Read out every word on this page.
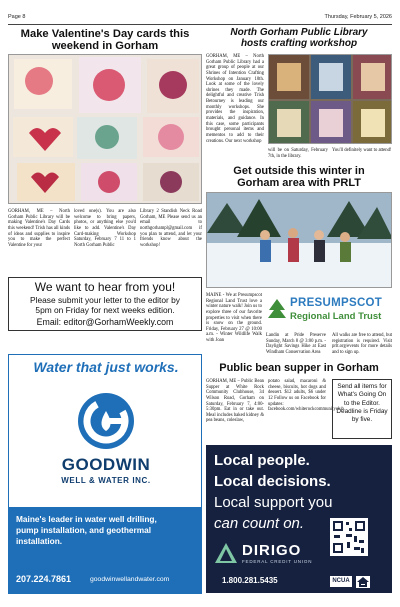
Page 8	Thursday, February 5, 2026
Make Valentine's Day cards this
weekend in Gorham
GORHAM, ME – North Gorham Public Library will be making Valentine's Day Cards this weekend! Trish has all kinds of ideas and supplies to inspire you to make the perfect Valentine for your
loved one(s). You are also welcome to bring papers, photos, or anything else you'd like to add. Valentine's Day Card-making Workshop Saturday, February 7 11 to 1 North Gorham Public
Library 2 Standish Neck Road Gorham, ME Please send us an email to northgorhampl@gmail.com if you plan to attend, and let your friends know about the workshop!
North Gorham Public Library
hosts crafting workshop
GORHAM, ME – North Gorham Public Library had a great group of people at our Shrines of Intention Crafting Workshop on January 10th. Look at some of the lovely shrines they made. The delightful and creative Trish Betourney is leading our monthly workshops. She provides the inspiration, materials, and guidance. In this case, some participants brought personal items and mementos to add to their creations. Our next workshop
will be on Saturday, February 7th, in the library.
You'll definitely want to attend!
Get outside this winter in
Gorham area with PRLT
MAINE - We at Presumpscot Regional Land Trust love a winter nature walk! Join us to explore three of our favorite properties to visit when there is snow on the ground. Friday, February 27 @ 10:00 a.m. - Winter Wildlife Walk with Joan
PRESUMPSCOT
Regional Land Trust
Landin at Pride Preserve Sunday, March 8 @ 3:00 p.m. - Daylight Savings Hike at East Windham Conservation Area
All walks are free to attend, but registration is required. Visit prlt.org/events for more details and to sign up.
We want to hear from you!
Please submit your letter to the editor by
5pm on Friday for next weeks edition.
Email: editor@GorhamWeekly.com
Water that just works.
GOODWIN
WELL & WATER INC.
Maine's leader in water well drilling,
pump installation, and geothermal
installation.
207.224.7861	goodwinwellandwater.com
Public bean supper in Gorham
GORHAM, ME – Public Bean Supper at White Rock Community Clubhouse, 34 Wilson Road, Gorham on Saturday, February 7, 4:00-5:30pm. Eat in or take out. Meal includes baked kidney & pea beans, coleslaw,
potato salad, macaroni & cheese, biscuits, hot dogs and dessert. $12 adults, $6 under 12 Follow us on Facebook for updates: facebook.com/whiterockcommunityclub.
Send all items for What's Going On to the Editor. Deadline is Friday by five.
Local people.
Local decisions.
Local support you
can count on.
DIRIGO
FEDERAL CREDIT UNION
1.800.281.5435	NCUA
